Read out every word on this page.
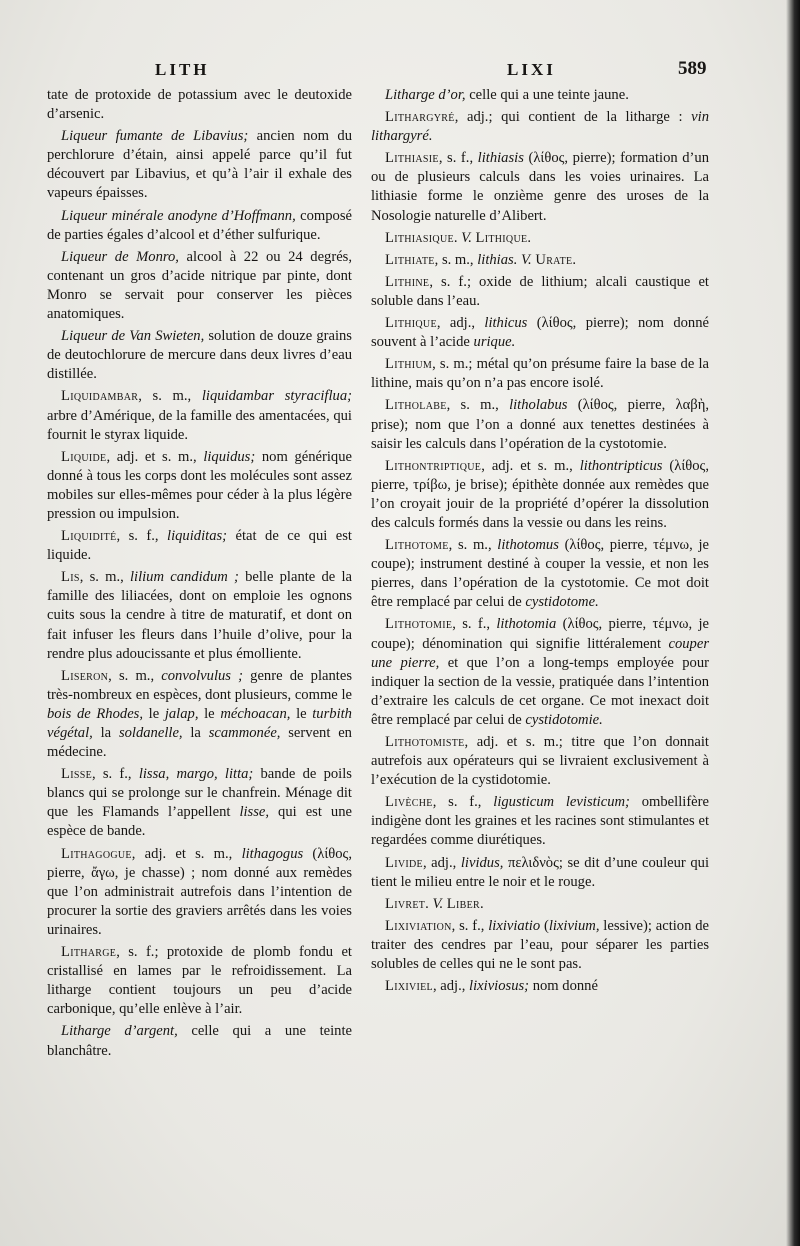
LITH	LIXI	589

tate de protoxide de potassium avec le deutoxide d’arsenic.

Liqueur fumante de Libavius; ancien nom du perchlorure d’étain, ainsi appelé parce qu’il fut découvert par Libavius, et qu’à l’air il exhale des vapeurs épaisses.

Liqueur minérale anodyne d’Hoffmann, composé de parties égales d’alcool et d’éther sulfurique.

Liqueur de Monro, alcool à 22 ou 24 degrés, contenant un gros d’acide nitrique par pinte, dont Monro se servait pour conserver les pièces anatomiques.

Liqueur de Van Swieten, solution de douze grains de deutochlorure de mercure dans deux livres d’eau distillée.

Liquidambar, s. m., liquidambar styraciflua; arbre d’Amérique, de la famille des amentacées, qui fournit le styrax liquide.

Liquide, adj. et s. m., liquidus; nom générique donné à tous les corps dont les molécules sont assez mobiles sur elles-mêmes pour céder à la plus légère pression ou impulsion.

Liquidité, s. f., liquiditas; état de ce qui est liquide.

Lis, s. m., lilium candidum ; belle plante de la famille des liliacées, dont on emploie les ognons cuits sous la cendre à titre de maturatif, et dont on fait infuser les fleurs dans l’huile d’olive, pour la rendre plus adoucissante et plus émolliente.

Liseron, s. m., convolvulus ; genre de plantes très-nombreux en espèces, dont plusieurs, comme le bois de Rhodes, le jalap, le méchoacan, le turbith végétal, la soldanelle, la scammonée, servent en médecine.

Lisse, s. f., lissa, margo, litta; bande de poils blancs qui se prolonge sur le chanfrein. Ménage dit que les Flamands l’appellent lisse, qui est une espèce de bande.

Lithagogue, adj. et s. m., lithagogus (λίθος, pierre, ἄγω, je chasse) ; nom donné aux remèdes que l’on administrait autrefois dans l’intention de procurer la sortie des graviers arrêtés dans les voies urinaires.

Litharge, s. f.; protoxide de plomb fondu et cristallisé en lames par le refroidissement. La litharge contient toujours un peu d’acide carbonique, qu’elle enlève à l’air.

Litharge d’argent, celle qui a une teinte blanchâtre.

Litharge d’or, celle qui a une teinte jaune.

Lithargyré, adj.; qui contient de la litharge : vin lithargyré.

Lithiasie, s. f., lithiasis (λίθος, pierre); formation d’un ou de plusieurs calculs dans les voies urinaires. La lithiasie forme le onzième genre des uroses de la Nosologie naturelle d’Alibert.

Lithiasique. V. Lithique.

Lithiate, s. m., lithias. V. Urate.

Lithine, s. f.; oxide de lithium; alcali caustique et soluble dans l’eau.

Lithique, adj., lithicus (λίθος, pierre); nom donné souvent à l’acide urique.

Lithium, s. m.; métal qu’on présume faire la base de la lithine, mais qu’on n’a pas encore isolé.

Litholabe, s. m., litholabus (λίθος, pierre, λαβὴ, prise); nom que l’on a donné aux tenettes destinées à saisir les calculs dans l’opération de la cystotomie.

Lithontriptique, adj. et s. m., lithontripticus (λίθος, pierre, τρίβω, je brise); épithète donnée aux remèdes que l’on croyait jouir de la propriété d’opérer la dissolution des calculs formés dans la vessie ou dans les reins.

Lithotome, s. m., lithotomus (λίθος, pierre, τέμνω, je coupe); instrument destiné à couper la vessie, et non les pierres, dans l’opération de la cystotomie. Ce mot doit être remplacé par celui de cystidotome.

Lithotomie, s. f., lithotomia (λίθος, pierre, τέμνω, je coupe); dénomination qui signifie littéralement couper une pierre, et que l’on a long-temps employée pour indiquer la section de la vessie, pratiquée dans l’intention d’extraire les calculs de cet organe. Ce mot inexact doit être remplacé par celui de cystidotomie.

Lithotomiste, adj. et s. m.; titre que l’on donnait autrefois aux opérateurs qui se livraient exclusivement à l’exécution de la cystidotomie.

Livèche, s. f., ligusticum levisticum; ombellifère indigène dont les graines et les racines sont stimulantes et regardées comme diurétiques.

Livide, adj., lividus, πελιδνὸς; se dit d’une couleur qui tient le milieu entre le noir et le rouge.

Livret. V. Liber.

Lixiviation, s. f., lixiviatio (lixivium, lessive); action de traiter des cendres par l’eau, pour séparer les parties solubles de celles qui ne le sont pas.

Lixiviel, adj., lixiviosus; nom donné
